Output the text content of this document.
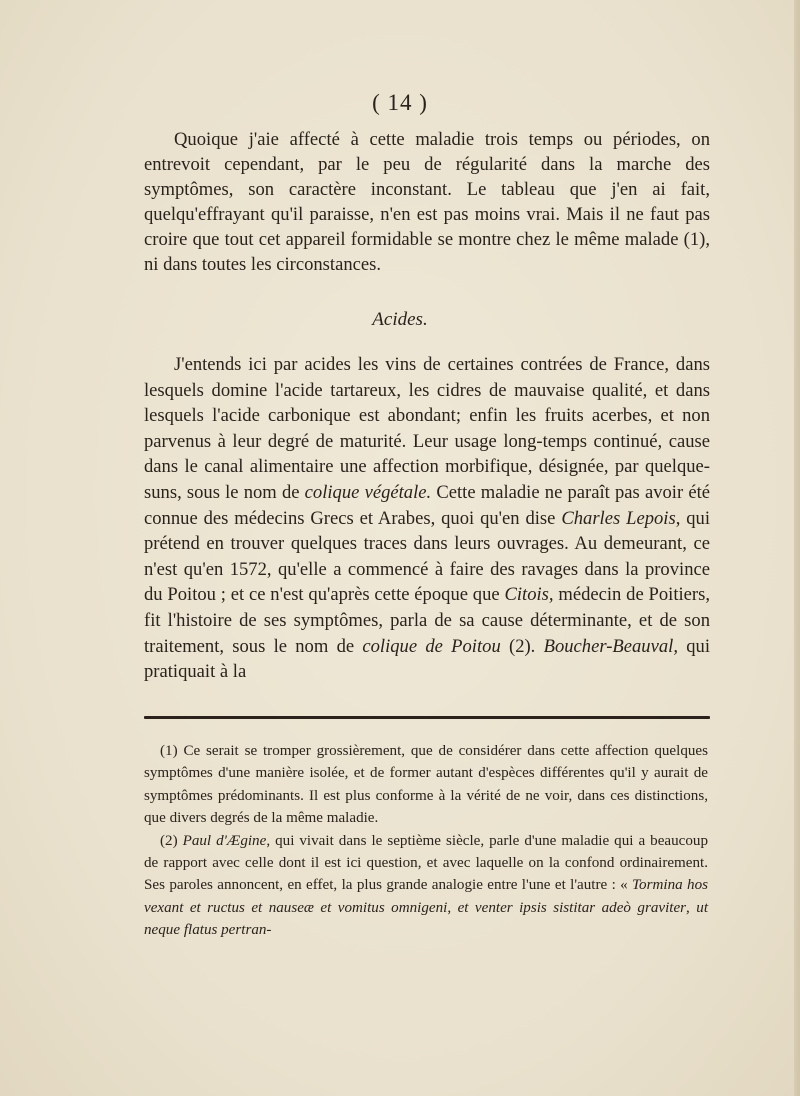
( 14 )

Quoique j'aie affecté à cette maladie trois temps ou périodes, on entrevoit cependant, par le peu de régularité dans la marche des symptômes, son caractère inconstant. Le tableau que j'en ai fait, quelqu'effrayant qu'il paraisse, n'en est pas moins vrai. Mais il ne faut pas croire que tout cet appareil formidable se montre chez le même malade (1), ni dans toutes les circonstances.

Acides.

J'entends ici par acides les vins de certaines contrées de France, dans lesquels domine l'acide tartareux, les cidres de mauvaise qualité, et dans lesquels l'acide carbonique est abondant; enfin les fruits acerbes, et non parvenus à leur degré de maturité. Leur usage long-temps continué, cause dans le canal alimentaire une affection morbifique, désignée, par quelque-suns, sous le nom de colique végétale. Cette maladie ne paraît pas avoir été connue des médecins Grecs et Arabes, quoi qu'en dise Charles Lepois, qui prétend en trouver quelques traces dans leurs ouvrages. Au demeurant, ce n'est qu'en 1572, qu'elle a commencé à faire des ravages dans la province du Poitou ; et ce n'est qu'après cette époque que Citois, médecin de Poitiers, fit l'histoire de ses symptômes, parla de sa cause déterminante, et de son traitement, sous le nom de colique de Poitou (2). Boucher-Beauval, qui pratiquait à la

(1) Ce serait se tromper grossièrement, que de considérer dans cette affection quelques symptômes d'une manière isolée, et de former autant d'espèces différentes qu'il y aurait de symptômes prédominants. Il est plus conforme à la vérité de ne voir, dans ces distinctions, que divers degrés de la même maladie.

(2) Paul d'Ægine, qui vivait dans le septième siècle, parle d'une maladie qui a beaucoup de rapport avec celle dont il est ici question, et avec laquelle on la confond ordinairement. Ses paroles annoncent, en effet, la plus grande analogie entre l'une et l'autre : « Tormina hos vexant et ructus et nauseæ et vomitus omnigeni, et venter ipsis sistitar adeò graviter, ut neque flatus pertran-
